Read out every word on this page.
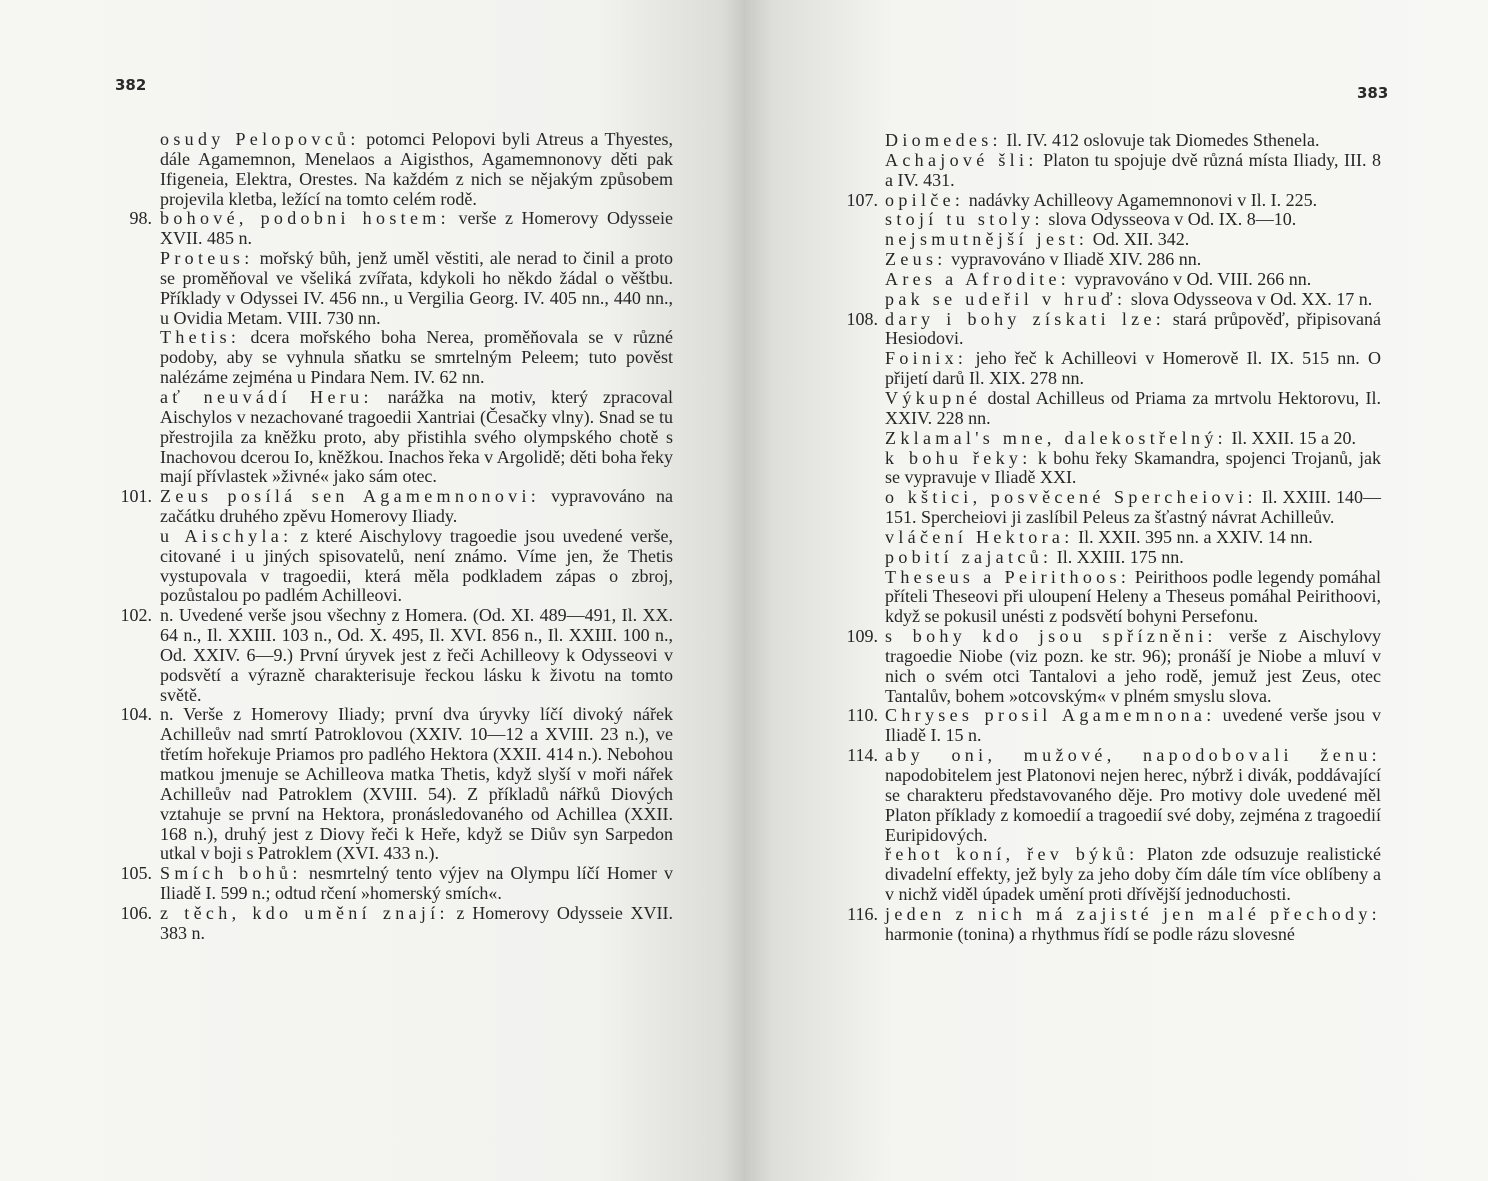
382

osudy Pelopovců: potomci Pelopovi byli Atreus a Thyestes, dále Agamemnon, Menelaos a Aigisthos, Agamemnonovy děti pak Ifigeneia, Elektra, Orestes. Na každém z nich se nějakým způsobem projevila kletba, ležící na tomto celém rodě.

98. bohové, podobni hostem: verše z Homerovy Odysseie XVII. 485 n.

Proteus: mořský bůh, jenž uměl věstiti, ale nerad to činil a proto se proměňoval ve všeliká zvířata, kdykoli ho někdo žádal o věštbu. Příklady v Odyssei IV. 456 nn., u Vergilia Georg. IV. 405 nn., 440 nn., u Ovidia Metam. VIII. 730 nn.

Thetis: dcera mořského boha Nerea, proměňovala se v různé podoby, aby se vyhnula sňatku se smrtelným Peleem; tuto pověst nalézáme zejména u Pindara Nem. IV. 62 nn.

ať neuvádí Heru: narážka na motiv, který zpracoval Aischylos v nezachované tragoedii Xantriai (Česačky vlny). Snad se tu přestrojila za kněžku proto, aby přistihla svého olympského chotě s Inachovou dcerou Io, kněžkou. Inachos řeka v Argolidě; děti boha řeky mají přívlastek »živné« jako sám otec.

101. Zeus posílá sen Agamemnonovi: vypravováno na začátku druhého zpěvu Homerovy Iliady.

u Aischyla: z které Aischylovy tragoedie jsou uvedené verše, citované i u jiných spisovatelů, není známo. Víme jen, že Thetis vystupovala v tragoedii, která měla podkladem zápas o zbroj, pozůstalou po padlém Achilleovi.

102. n. Uvedené verše jsou všechny z Homera. (Od. XI. 489—491, Il. XX. 64 n., Il. XXIII. 103 n., Od. X. 495, Il. XVI. 856 n., Il. XXIII. 100 n., Od. XXIV. 6—9.) První úryvek jest z řeči Achilleovy k Odysseovi v podsvětí a výrazně charakterisuje řeckou lásku k životu na tomto světě.

104. n. Verše z Homerovy Iliady; první dva úryvky líčí divoký nářek Achilleův nad smrtí Patroklovou (XXIV. 10—12 a XVIII. 23 n.), ve třetím hořekuje Priamos pro padlého Hektora (XXII. 414 n.). Nebohou matkou jmenuje se Achilleova matka Thetis, když slyší v moři nářek Achilleův nad Patroklem (XVIII. 54). Z příkladů nářků Diových vztahuje se první na Hektora, pronásledovaného od Achillea (XXII. 168 n.), druhý jest z Diovy řeči k Heře, když se Diův syn Sarpedon utkal v boji s Patroklem (XVI. 433 n.).

105. Smích bohů: nesmrtelný tento výjev na Olympu líčí Homer v Iliadě I. 599 n.; odtud rčení »homerský smích«.

106. z těch, kdo umění znají: z Homerovy Odysseie XVII. 383 n.

383

Diomedes: Il. IV. 412 oslovuje tak Diomedes Sthenela.

Achajové šli: Platon tu spojuje dvě různá místa Iliady, III. 8 a IV. 431.

107. opilče: nadávky Achilleovy Agamemnonovi v Il. I. 225.

stojí tu stoly: slova Odysseova v Od. IX. 8—10.

nejsmutnější jest: Od. XII. 342.

Zeus: vypravováno v Iliadě XIV. 286 nn.

Ares a Afrodite: vypravováno v Od. VIII. 266 nn.

pak se udeřil v hruď: slova Odysseova v Od. XX. 17 n.

108. dary i bohy získati lze: stará průpověď, připisovaná Hesiodovi.

Foinix: jeho řeč k Achilleovi v Homerově Il. IX. 515 nn. O přijetí darů Il. XIX. 278 nn.

Výkupné dostal Achilleus od Priama za mrtvolu Hektorovu, Il. XXIV. 228 nn.

Zklamal's mne, dalekostřelný: Il. XXII. 15 a 20.

k bohu řeky: k bohu řeky Skamandra, spojenci Trojanů, jak se vypravuje v Iliadě XXI.

o kštici, posvěcené Spercheiovi: Il. XXIII. 140—151. Spercheiovi ji zaslíbil Peleus za šťastný návrat Achilleův.

vláčení Hektora: Il. XXII. 395 nn. a XXIV. 14 nn.

pobití zajatců: Il. XXIII. 175 nn.

Theseus a Peirithoos: Peirithoos podle legendy pomáhal příteli Theseovi při uloupení Heleny a Theseus pomáhal Peirithoovi, když se pokusil unésti z podsvětí bohyni Persefonu.

109. s bohy kdo jsou spřízněni: verše z Aischylovy tragoedie Niobe (viz pozn. ke str. 96); pronáší je Niobe a mluví v nich o svém otci Tantalovi a jeho rodě, jemuž jest Zeus, otec Tantalův, bohem »otcovským« v plném smyslu slova.

110. Chryses prosil Agamemnona: uvedené verše jsou v Iliadě I. 15 n.

114. aby oni, mužové, napodobovali ženu: napodobitelem jest Platonovi nejen herec, nýbrž i divák, poddávající se charakteru představovaného děje. Pro motivy dole uvedené měl Platon příklady z komoedií a tragoedií své doby, zejména z tragoedií Euripidových.

řehot koní, řev býků: Platon zde odsuzuje realistické divadelní effekty, jež byly za jeho doby čím dále tím více oblíbeny a v nichž viděl úpadek umění proti dřívější jednoduchosti.

116. jeden z nich má zajisté jen malé přechody: harmonie (tonina) a rhythmus řídí se podle rázu slovesné
